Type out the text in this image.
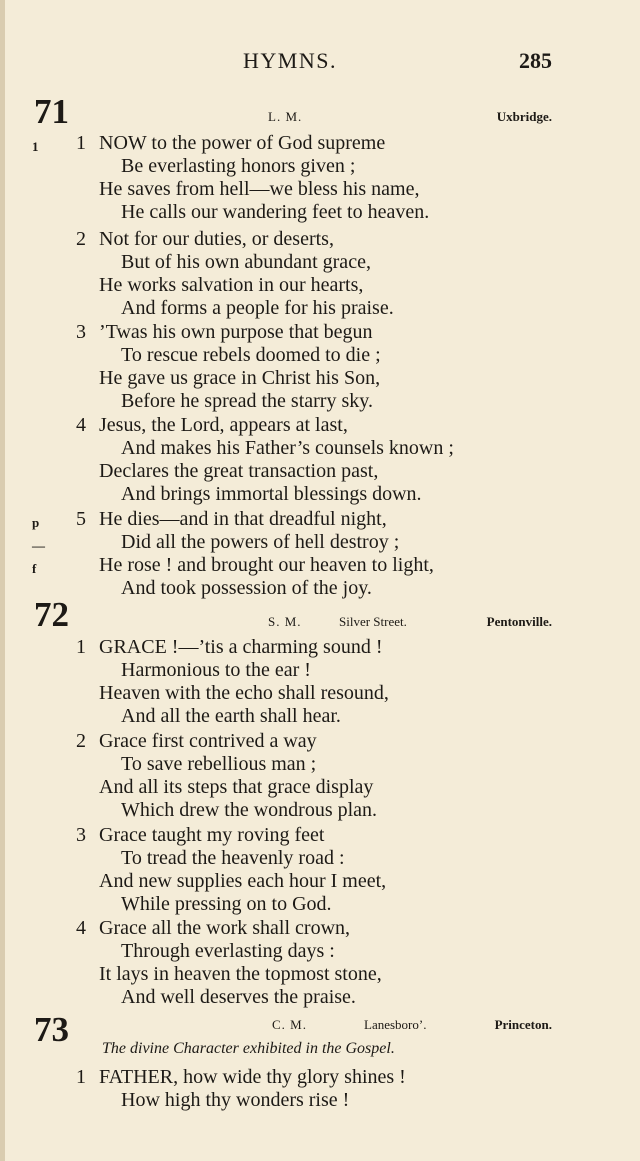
HYMNS.	285
71	L. M.	Uxbridge.
1 1 NOW to the power of God supreme
Be everlasting honors given ;
He saves from hell—we bless his name,
He calls our wandering feet to heaven.
2 Not for our duties, or deserts,
But of his own abundant grace,
He works salvation in our hearts,
And forms a people for his praise.
3 ’Twas his own purpose that begun
To rescue rebels doomed to die ;
He gave us grace in Christ his Son,
Before he spread the starry sky.
4 Jesus, the Lord, appears at last,
And makes his Father’s counsels known ;
Declares the great transaction past,
And brings immortal blessings down.
p 5 He dies—and in that dreadful night,
—	Did all the powers of hell destroy ;
f	He rose ! and brought our heaven to light,
And took possession of the joy.
72	S. M.	Silver Street.	Pentonville.
1 GRACE !—’tis a charming sound !
Harmonious to the ear !
Heaven with the echo shall resound,
And all the earth shall hear.
2 Grace first contrived a way
To save rebellious man ;
And all its steps that grace display
Which drew the wondrous plan.
3 Grace taught my roving feet
To tread the heavenly road :
And new supplies each hour I meet,
While pressing on to God.
4 Grace all the work shall crown,
Through everlasting days :
It lays in heaven the topmost stone,
And well deserves the praise.
73	C. M.	Lanesboro’.	Princeton.
The divine Character exhibited in the Gospel.
1 FATHER, how wide thy glory shines !
How high thy wonders rise !
